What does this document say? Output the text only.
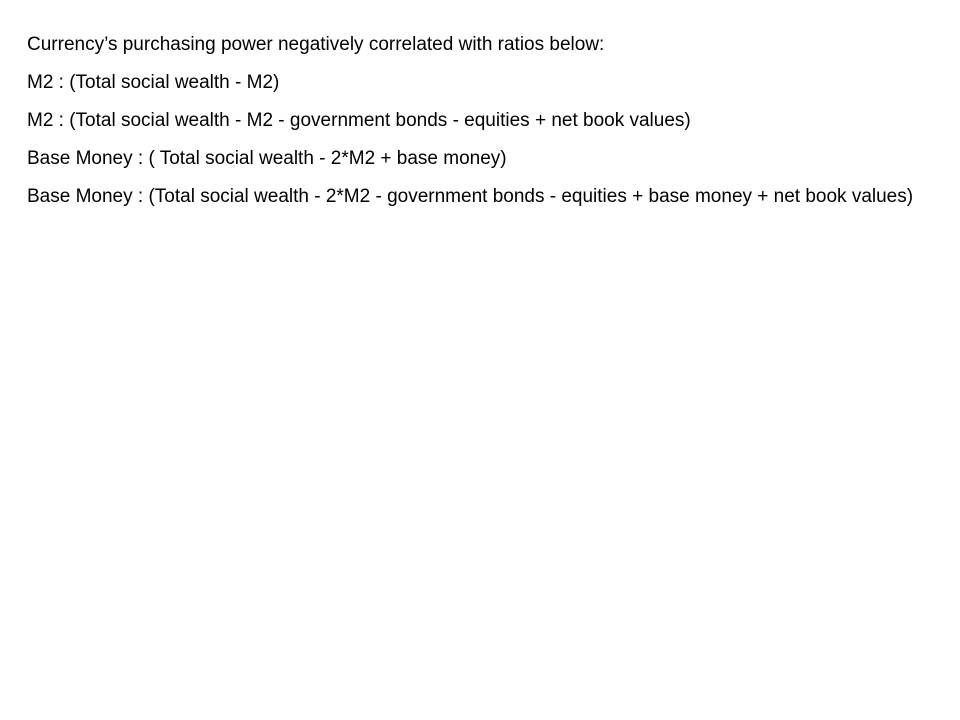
Currency’s purchasing power negatively correlated with ratios below:

M2 : (Total social wealth - M2)

M2 : (Total social wealth - M2 - government bonds - equities + net book values)

Base Money : ( Total social wealth - 2*M2 + base money)

Base Money : (Total social wealth - 2*M2 - government bonds - equities + base money + net book values)
